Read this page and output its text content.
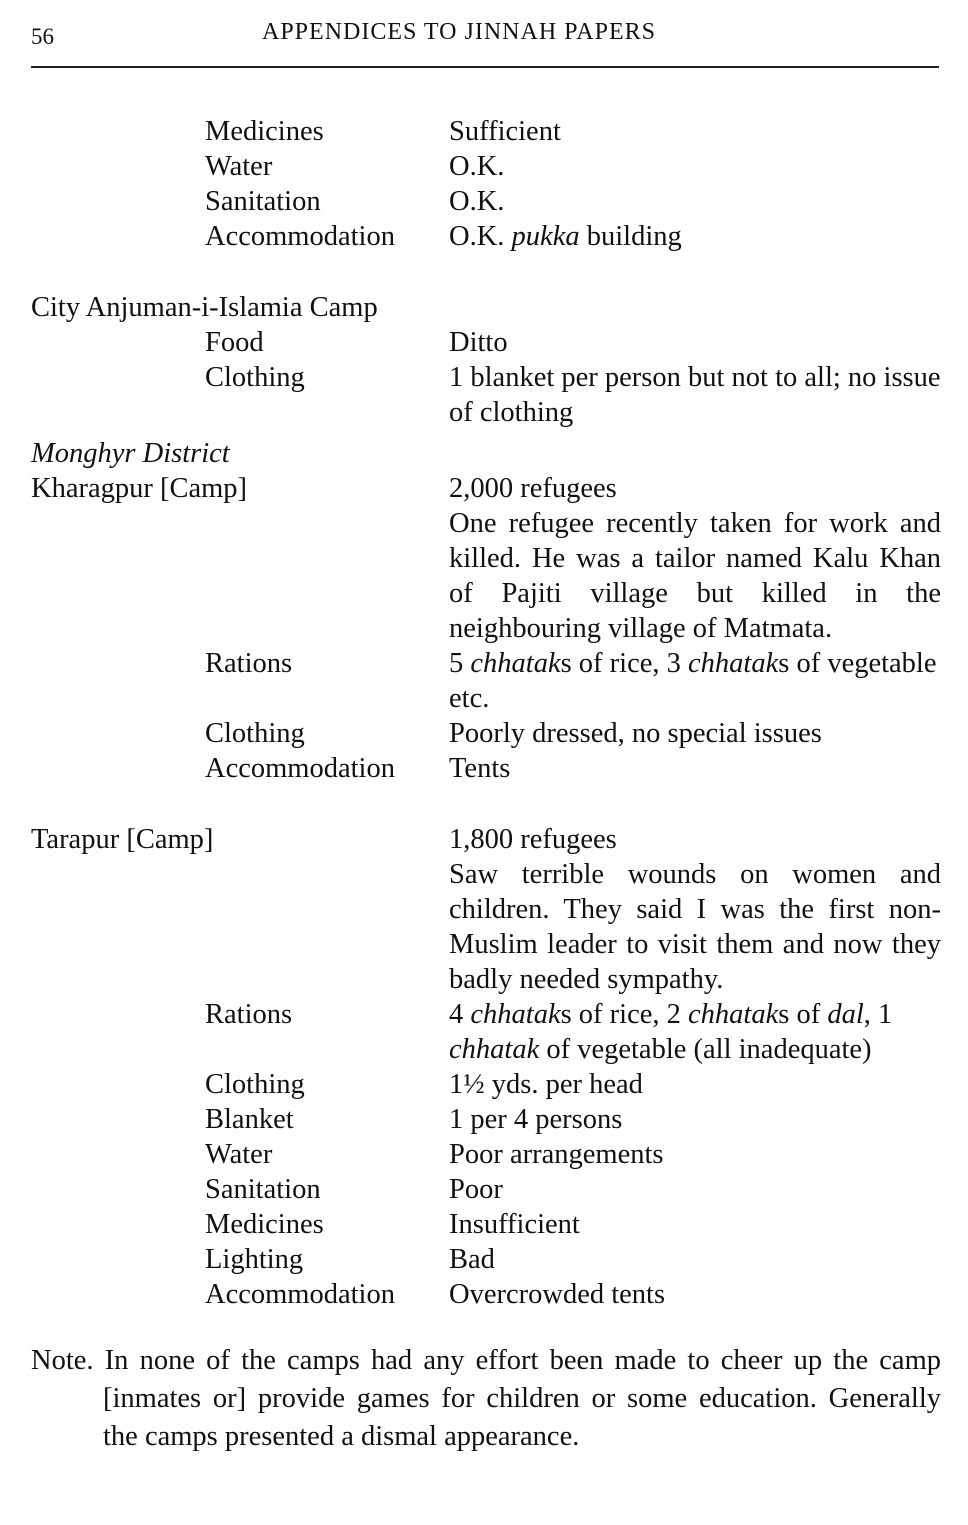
56	APPENDICES TO JINNAH PAPERS
Medicines	Sufficient
Water	O.K.
Sanitation	O.K.
Accommodation	O.K. pukka building
City Anjuman-i-Islamia Camp
Food	Ditto
Clothing	1 blanket per person but not to all; no issue of clothing
Monghyr District
Kharagpur [Camp]	2,000 refugees
One refugee recently taken for work and killed. He was a tailor named Kalu Khan of Pajiti village but killed in the neighbouring village of Matmata.
Rations	5 chhataks of rice, 3 chhataks of vegetable etc.
Clothing	Poorly dressed, no special issues
Accommodation	Tents
Tarapur [Camp]	1,800 refugees
Saw terrible wounds on women and children. They said I was the first non-Muslim leader to visit them and now they badly needed sympathy.
Rations	4 chhataks of rice, 2 chhataks of dal, 1 chhatak of vegetable (all inadequate)
Clothing	1½ yds. per head
Blanket	1 per 4 persons
Water	Poor arrangements
Sanitation	Poor
Medicines	Insufficient
Lighting	Bad
Accommodation	Overcrowded tents
Note. In none of the camps had any effort been made to cheer up the camp [inmates or] provide games for children or some education. Generally the camps presented a dismal appearance.
